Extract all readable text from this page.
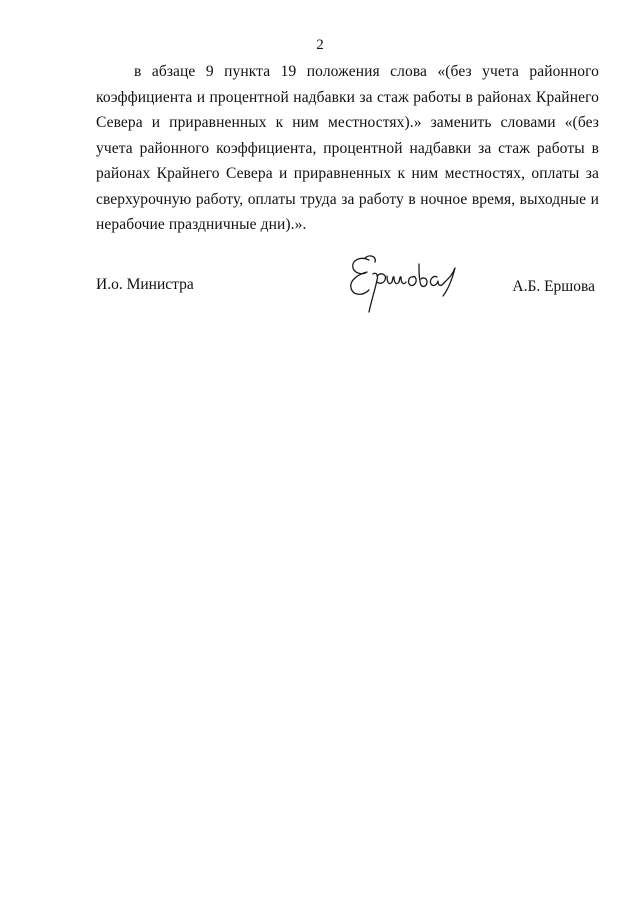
2

в абзаце 9 пункта 19 положения слова «(без учета районного коэффициента и процентной надбавки за стаж работы в районах Крайнего Севера и приравненных к ним местностях).» заменить словами «(без учета районного коэффициента, процентной надбавки за стаж работы в районах Крайнего Севера и приравненных к ним местностях, оплаты за сверхурочную работу, оплаты труда за работу в ночное время, выходные и нерабочие праздничные дни).».

И.о. Министра	А.Б. Ершова
